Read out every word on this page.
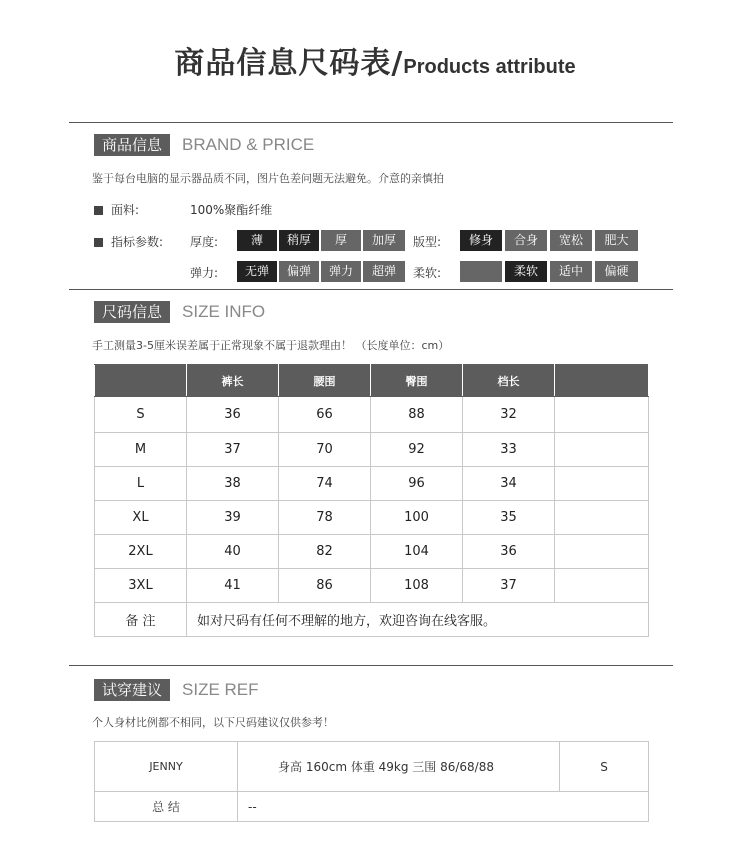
商品信息尺码表/Products attribute
商品信息 BRAND & PRICE
鉴于每台电脑的显示器品质不同，图片色差问题无法避免。介意的亲慎拍
面料:	100%聚酯纤维
指标参数: 厚度:	薄	稍厚	厚	加厚	版型:	修身	合身	宽松	肥大
弹力:	无弹	偏弹	弹力	超弹	柔软:	柔软	适中	偏硬
尺码信息 SIZE INFO
手工测量3-5厘米误差属于正常现象不属于退款理由！ （长度单位：cm）
	裤长	腰围	臀围	档长	
S	36	66	88	32	
M	37	70	92	33	
L	38	74	96	34	
XL	39	78	100	35	
2XL	40	82	104	36	
3XL	41	86	108	37	
备 注	如对尺码有任何不理解的地方，欢迎咨询在线客服。				
试穿建议 SIZE REF
个人身材比例都不相同，以下尺码建议仅供参考！
JENNY	身高 160cm 体重 49kg 三围 86/68/88	S
总 结	--	
